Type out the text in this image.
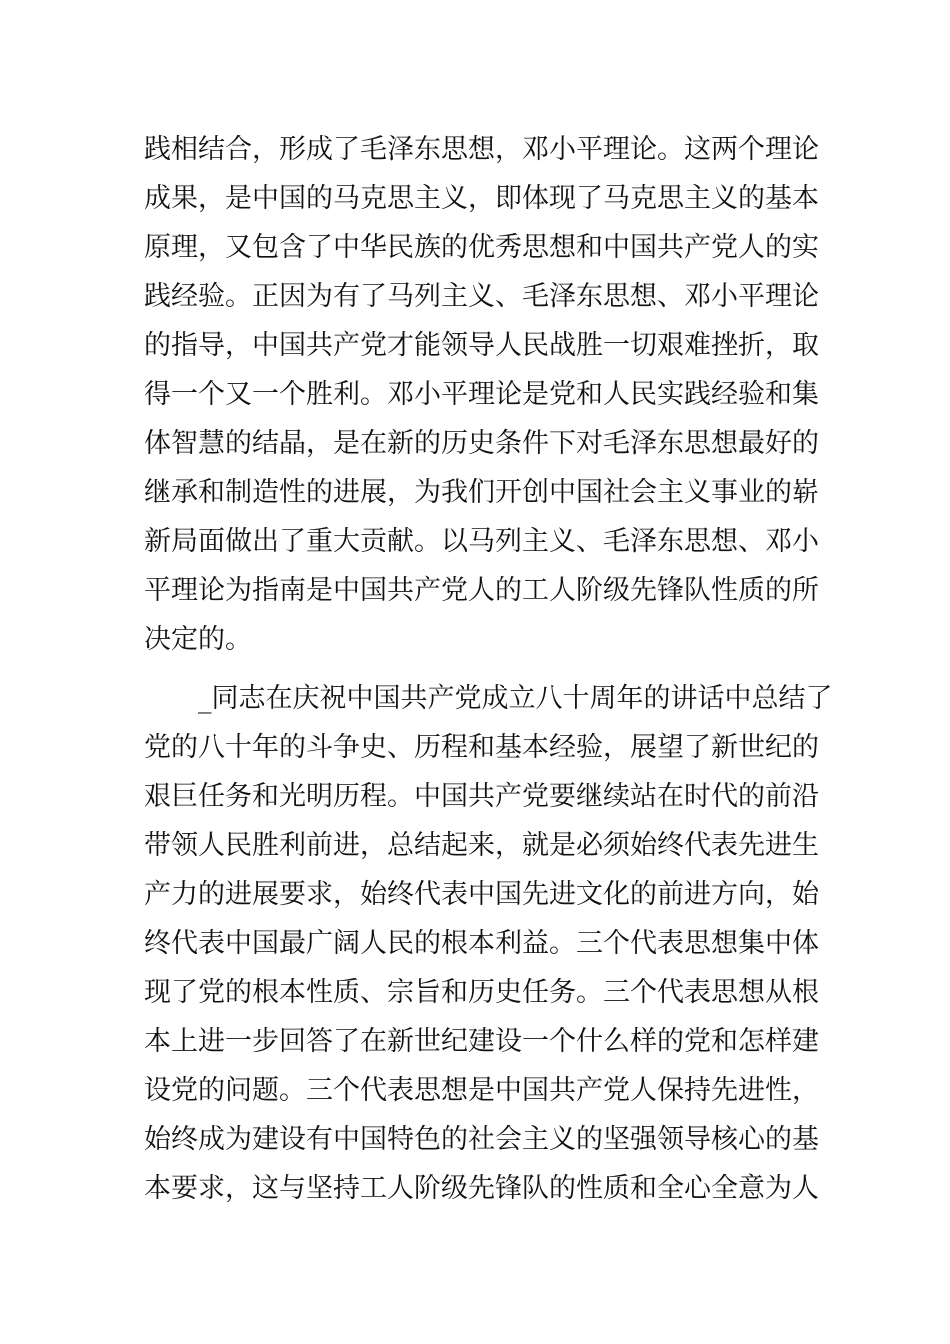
践相结合，形成了毛泽东思想，邓小平理论。这两个理论
成果，是中国的马克思主义，即体现了马克思主义的基本
原理，又包含了中华民族的优秀思想和中国共产党人的实
践经验。正因为有了马列主义、毛泽东思想、邓小平理论
的指导，中国共产党才能领导人民战胜一切艰难挫折，取
得一个又一个胜利。邓小平理论是党和人民实践经验和集
体智慧的结晶，是在新的历史条件下对毛泽东思想最好的
继承和制造性的进展，为我们开创中国社会主义事业的崭
新局面做出了重大贡献。以马列主义、毛泽东思想、邓小
平理论为指南是中国共产党人的工人阶级先锋队性质的所
决定的。
_同志在庆祝中国共产党成立八十周年的讲话中总结了
党的八十年的斗争史、历程和基本经验，展望了新世纪的
艰巨任务和光明历程。中国共产党要继续站在时代的前沿
带领人民胜利前进，总结起来，就是必须始终代表先进生
产力的进展要求，始终代表中国先进文化的前进方向，始
终代表中国最广阔人民的根本利益。三个代表思想集中体
现了党的根本性质、宗旨和历史任务。三个代表思想从根
本上进一步回答了在新世纪建设一个什么样的党和怎样建
设党的问题。三个代表思想是中国共产党人保持先进性，
始终成为建设有中国特色的社会主义的坚强领导核心的基
本要求，这与坚持工人阶级先锋队的性质和全心全意为人
